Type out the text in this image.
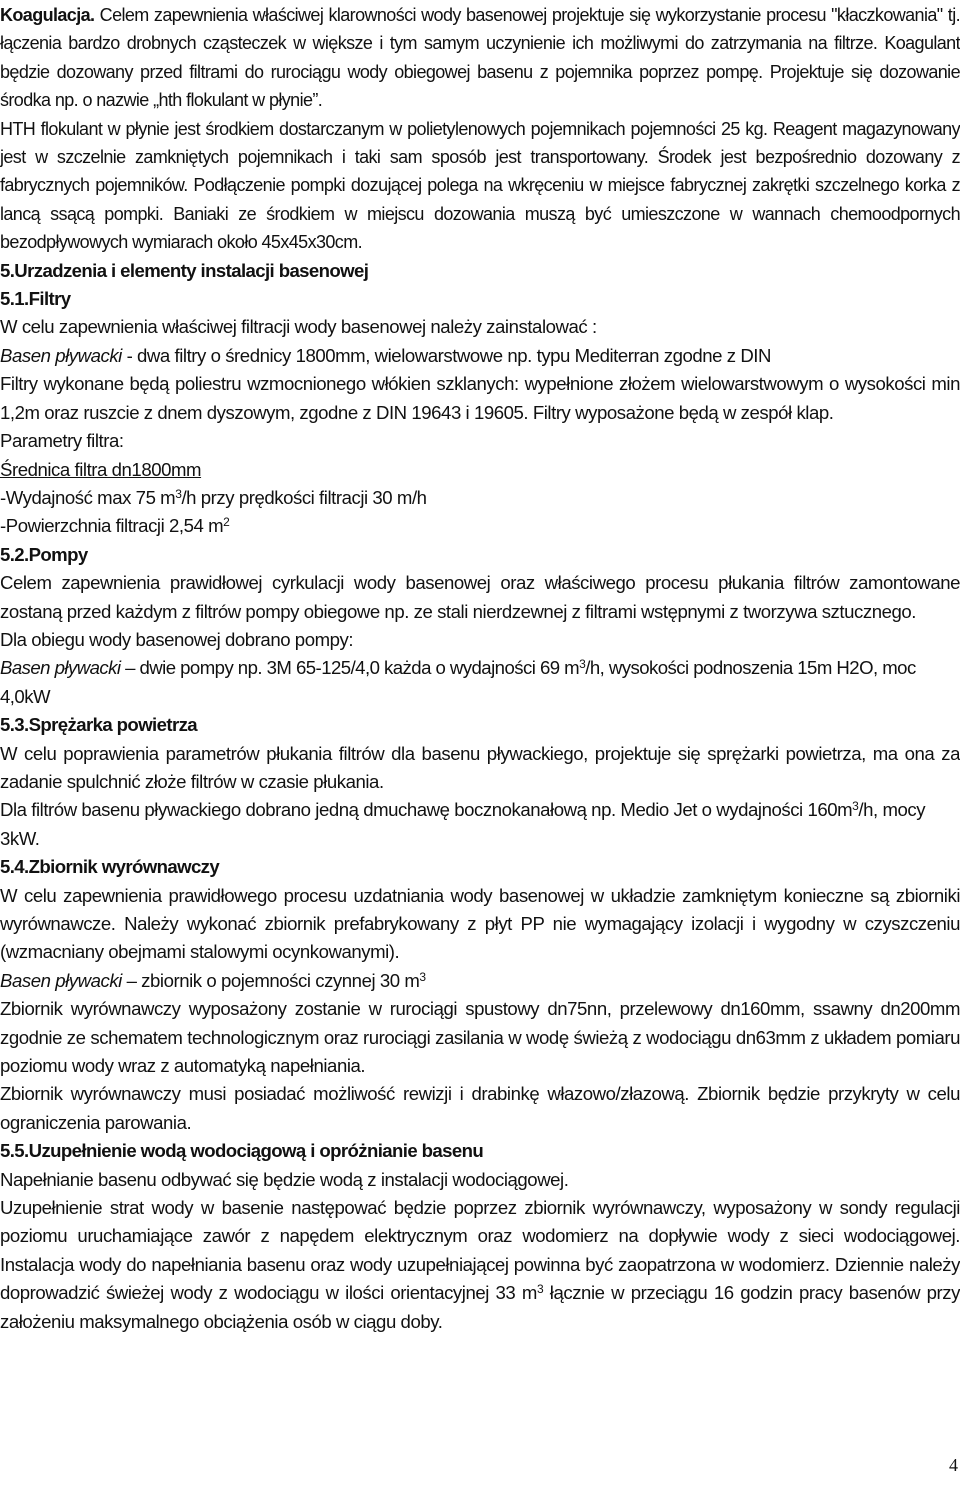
Koagulacja. Celem zapewnienia właściwej klarowności wody basenowej projektuje się wykorzystanie procesu "kłaczkowania" tj. łączenia bardzo drobnych cząsteczek w większe i tym samym uczynienie ich możliwymi do zatrzymania na filtrze. Koagulant będzie dozowany przed filtrami do rurociągu wody obiegowej basenu z pojemnika poprzez pompę. Projektuje się dozowanie środka np. o nazwie „hth flokulant w płynie”.

HTH flokulant w płynie jest środkiem dostarczanym w polietylenowych pojemnikach pojemności 25 kg. Reagent magazynowany jest w szczelnie zamkniętych pojemnikach i taki sam sposób jest transportowany. Środek jest bezpośrednio dozowany z fabrycznych pojemników. Podłączenie pompki dozującej polega na wkręceniu w miejsce fabrycznej zakrętki szczelnego korka z lancą ssącą pompki. Baniaki ze środkiem w miejscu dozowania muszą być umieszczone w wannach chemoodpornych bezodpływowych wymiarach około 45x45x30cm.

5.Urzadzenia i elementy instalacji basenowej

5.1.Filtry

W celu zapewnienia właściwej filtracji wody basenowej należy zainstalować :

Basen pływacki - dwa filtry o średnicy 1800mm, wielowarstwowe np. typu Mediterran zgodne z DIN

Filtry wykonane będą poliestru wzmocnionego włókien szklanych: wypełnione złożem wielowarstwowym o wysokości min 1,2m oraz ruszcie z dnem dyszowym, zgodne z DIN 19643 i 19605. Filtry wyposażone będą w zespół klap.

Parametry filtra:

Średnica filtra dn1800mm

-Wydajność max 75 $m^3/h$ przy prędkości filtracji 30 m/h

-Powierzchnia filtracji 2,54 $m^2$

5.2.Pompy

Celem zapewnienia prawidłowej cyrkulacji wody basenowej oraz właściwego procesu płukania filtrów zamontowane zostaną przed każdym z filtrów pompy obiegowe np. ze stali nierdzewnej z filtrami wstępnymi z tworzywa sztucznego.

Dla obiegu wody basenowej dobrano pompy:

Basen pływacki – dwie pompy np. 3M 65-125/4,0 każda o wydajności 69 $m^3/h$, wysokości podnoszenia 15m H2O, moc 4,0kW

5.3.Sprężarka powietrza

W celu poprawienia parametrów płukania filtrów dla basenu pływackiego, projektuje się sprężarki powietrza, ma ona za zadanie spulchnić złoże filtrów w czasie płukania.

Dla filtrów basenu pływackiego dobrano jedną dmuchawę bocznokanałową np. Medio Jet o wydajności $160m^3/h$, mocy 3kW.

5.4.Zbiornik wyrównawczy

W celu zapewnienia prawidłowego procesu uzdatniania wody basenowej w układzie zamkniętym konieczne są zbiorniki wyrównawcze. Należy wykonać zbiornik prefabrykowany z płyt PP nie wymagający izolacji i wygodny w czyszczeniu (wzmacniany obejmami stalowymi ocynkowanymi).

Basen pływacki – zbiornik o pojemności czynnej 30 $m^3$

Zbiornik wyrównawczy wyposażony zostanie w rurociągi spustowy dn75nn, przelewowy dn160mm, ssawny dn200mm zgodnie ze schematem technologicznym oraz rurociągi zasilania w wodę świeżą z wodociągu dn63mm z układem pomiaru poziomu wody wraz z automatyką napełniania.

Zbiornik wyrównawczy musi posiadać możliwość rewizji i drabinkę włazowo/złazową. Zbiornik będzie przykryty w celu ograniczenia parowania.

5.5.Uzupełnienie wodą wodociągową i opróżnianie basenu

Napełnianie basenu odbywać się będzie wodą z instalacji wodociągowej.

Uzupełnienie strat wody w basenie następować będzie poprzez zbiornik wyrównawczy, wyposażony w sondy regulacji poziomu uruchamiające zawór z napędem elektrycznym oraz wodomierz na dopływie wody z sieci wodociągowej. Instalacja wody do napełniania basenu oraz wody uzupełniającej powinna być zaopatrzona w wodomierz. Dziennie należy doprowadzić świeżej wody z wodociągu w ilości orientacyjnej 33 $m^3$ łącznie w przeciągu 16 godzin pracy basenów przy założeniu maksymalnego obciążenia osób w ciągu doby.

4
